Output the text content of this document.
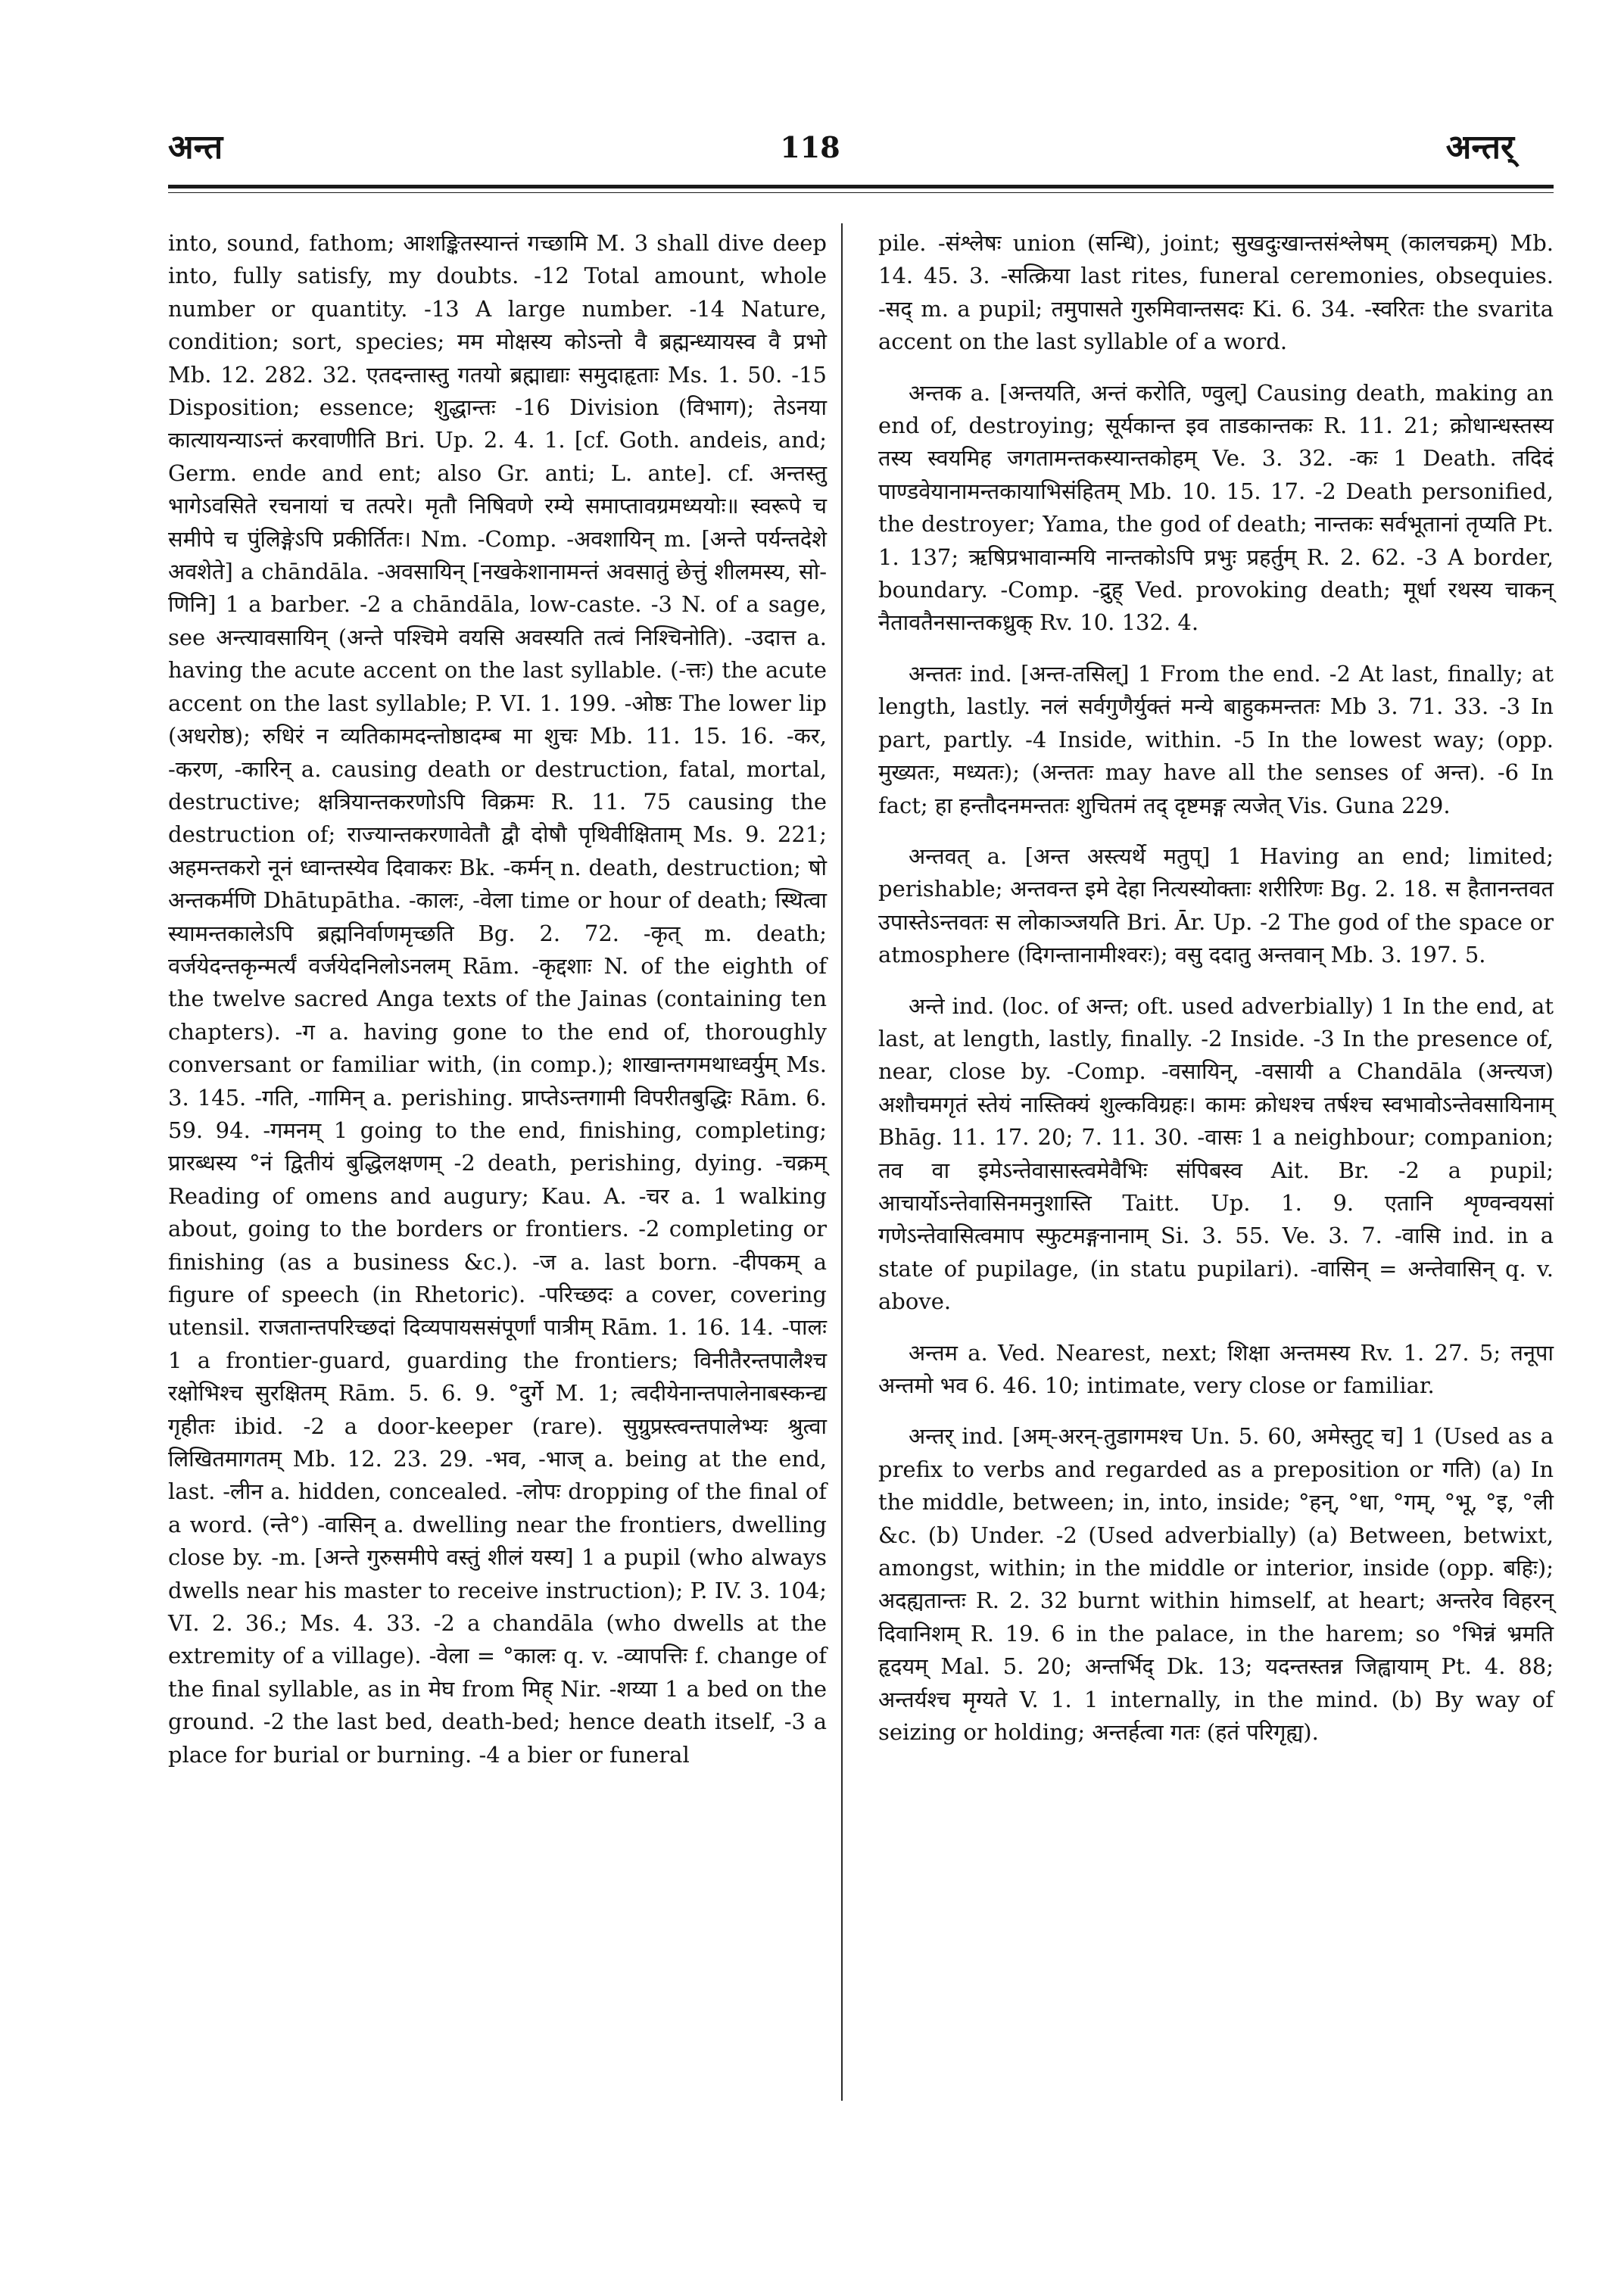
अन्त	118	अन्तर्

into, sound, fathom; आशङ्कितस्यान्तं गच्छामि M. 3 shall dive deep into, fully satisfy, my doubts. -12 Total amount, whole number or quantity. -13 A large number. -14 Nature, condition; sort, species; मम मोक्षस्य कोऽन्तो वै ब्रह्मन्ध्यायस्व वै प्रभो Mb. 12. 282. 32. एतदन्तास्तु गतयो ब्रह्माद्याः समुदाहृताः Ms. 1. 50. -15 Disposition; essence; शुद्धान्तः -16 Division (विभाग); तेऽनया कात्यायन्याऽन्तं करवाणीति Bri. Up. 2. 4. 1. [cf. Goth. andeis, and; Germ. ende and ent; also Gr. anti; L. ante]. cf. अन्तस्तु भागेऽवसिते रचनायां च तत्परे। मृतौ निषिवणे रम्ये समाप्तावग्रमध्ययोः॥ स्वरूपे च समीपे च पुंलिङ्गेऽपि प्रकीर्तितः। Nm. -Comp. -अवशायिन् m. [अन्ते पर्यन्तदेशे अवशेते] a chāndāla. -अवसायिन् [नखकेशानामन्तं अवसातुं छेत्तुं शीलमस्य, सो-णिनि] 1 a barber. -2 a chāndāla, low-caste. -3 N. of a sage, see अन्त्यावसायिन् (अन्ते पश्चिमे वयसि अवस्यति तत्वं निश्चिनोति). -उदात्त a. having the acute accent on the last syllable. (-त्तः) the acute accent on the last syllable; P. VI. 1. 199. -ओष्ठः The lower lip (अधरोष्ठ); रुधिरं न व्यतिकामदन्तोष्ठादम्ब मा शुचः Mb. 11. 15. 16. -कर, -करण, -कारिन् a. causing death or destruction, fatal, mortal, destructive; क्षत्रियान्तकरणोऽपि विक्रमः R. 11. 75 causing the destruction of; राज्यान्तकरणावेतौ द्वौ दोषौ पृथिवीक्षिताम् Ms. 9. 221; अहमन्तकरो नूनं ध्वान्तस्येव दिवाकरः Bk. -कर्मन् n. death, destruction; षो अन्तकर्मणि Dhātupātha. -कालः, -वेला time or hour of death; स्थित्वा स्यामन्तकालेऽपि ब्रह्मनिर्वाणमृच्छति Bg. 2. 72. -कृत् m. death; वर्जयेदन्तकृन्मर्त्यं वर्जयेदनिलोऽनलम् Rām. -कृद्दशाः N. of the eighth of the twelve sacred Anga texts of the Jainas (containing ten chapters). -ग a. having gone to the end of, thoroughly conversant or familiar with, (in comp.); शाखान्तगमथाध्वर्युम् Ms. 3. 145. -गति, -गामिन् a. perishing. प्राप्तेऽन्तगामी विपरीतबुद्धिः Rām. 6. 59. 94. -गमनम् 1 going to the end, finishing, completing; प्रारब्धस्य °नं द्वितीयं बुद्धिलक्षणम् -2 death, perishing, dying. -चक्रम् Reading of omens and augury; Kau. A. -चर a. 1 walking about, going to the borders or frontiers. -2 completing or finishing (as a business &c.). -ज a. last born. -दीपकम् a figure of speech (in Rhetoric). -परिच्छदः a cover, covering utensil. राजतान्तपरिच्छदां दिव्यपायससंपूर्णां पात्रीम् Rām. 1. 16. 14. -पालः 1 a frontier-guard, guarding the frontiers; विनीतैरन्तपालैश्च रक्षोभिश्च सुरक्षितम् Rām. 5. 6. 9. °दुर्गे M. 1; त्वदीयेनान्तपालेनाबस्कन्द्य गृहीतः ibid. -2 a door-keeper (rare). सुग्रुप्रस्त्वन्तपालेभ्यः श्रुत्वा लिखितमागतम् Mb. 12. 23. 29. -भव, -भाज् a. being at the end, last. -लीन a. hidden, concealed. -लोपः dropping of the final of a word. (न्ते°) -वासिन् a. dwelling near the frontiers, dwelling close by. -m. [अन्ते गुरुसमीपे वस्तुं शीलं यस्य] 1 a pupil (who always dwells near his master to receive instruction); P. IV. 3. 104; VI. 2. 36.; Ms. 4. 33. -2 a chandāla (who dwells at the extremity of a village). -वेला = °कालः q. v. -व्यापत्तिः f. change of the final syllable, as in मेघ from मिह् Nir. -शय्या 1 a bed on the ground. -2 the last bed, death-bed; hence death itself, -3 a place for burial or burning. -4 a bier or funeral

pile. -संश्लेषः union (सन्धि), joint; सुखदुःखान्तसंश्लेषम् (कालचक्रम्) Mb. 14. 45. 3. -सत्क्रिया last rites, funeral ceremonies, obsequies. -सद् m. a pupil; तमुपासते गुरुमिवान्तसदः Ki. 6. 34. -स्वरितः the svarita accent on the last syllable of a word.

अन्तक a. [अन्तयति, अन्तं करोति, ण्वुल्] Causing death, making an end of, destroying; सूर्यकान्त इव ताडकान्तकः R. 11. 21; क्रोधान्धस्तस्य तस्य स्वयमिह जगतामन्तकस्यान्तकोहम् Ve. 3. 32. -कः 1 Death. तदिदं पाण्डवेयानामन्तकायाभिसंहितम् Mb. 10. 15. 17. -2 Death personified, the destroyer; Yama, the god of death; नान्तकः सर्वभूतानां तृप्यति Pt. 1. 137; ऋषिप्रभावान्मयि नान्तकोऽपि प्रभुः प्रहर्तुम् R. 2. 62. -3 A border, boundary. -Comp. -द्रुह् Ved. provoking death; मूर्धा रथस्य चाकन् नैतावतैनसान्तकध्रुक् Rv. 10. 132. 4.

अन्ततः ind. [अन्त-तसिल्] 1 From the end. -2 At last, finally; at length, lastly. नलं सर्वगुणैर्युक्तं मन्ये बाहुकमन्ततः Mb 3. 71. 33. -3 In part, partly. -4 Inside, within. -5 In the lowest way; (opp. मुख्यतः, मध्यतः); (अन्ततः may have all the senses of अन्त). -6 In fact; हा हन्तौदनमन्ततः शुचितमं तद् दृष्टमङ्ग त्यजेत् Vis. Guna 229.

अन्तवत् a. [अन्त अस्त्यर्थे मतुप्] 1 Having an end; limited; perishable; अन्तवन्त इमे देहा नित्यस्योक्ताः शरीरिणः Bg. 2. 18. स हैतानन्तवत उपास्तेऽन्तवतः स लोकाञ्जयति Bri. Ār. Up. -2 The god of the space or atmosphere (दिगन्तानामीश्वरः); वसु ददातु अन्तवान् Mb. 3. 197. 5.

अन्ते ind. (loc. of अन्त; oft. used adverbially) 1 In the end, at last, at length, lastly, finally. -2 Inside. -3 In the presence of, near, close by. -Comp. -वसायिन्, -वसायी a Chandāla (अन्त्यज) अशौचमगृतं स्तेयं नास्तिक्यं शुल्कविग्रहः। कामः क्रोधश्च तर्षश्च स्वभावोऽन्तेवसायिनाम् Bhāg. 11. 17. 20; 7. 11. 30. -वासः 1 a neighbour; companion; तव वा इमेऽन्तेवासास्त्वमेवैभिः संपिबस्व Ait. Br. -2 a pupil; आचार्योऽन्तेवासिनमनुशास्ति Taitt. Up. 1. 9. एतानि शृण्वन्वयसां गणेऽन्तेवासित्वमाप स्फुटमङ्गनानाम् Si. 3. 55. Ve. 3. 7. -वासि ind. in a state of pupilage, (in statu pupilari). -वासिन् = अन्तेवासिन् q. v. above.

अन्तम a. Ved. Nearest, next; शिक्षा अन्तमस्य Rv. 1. 27. 5; तनूपा अन्तमो भव 6. 46. 10; intimate, very close or familiar.

अन्तर् ind. [अम्-अरन्-तुडागमश्च Un. 5. 60, अमेस्तुट् च] 1 (Used as a prefix to verbs and regarded as a preposition or गति) (a) In the middle, between; in, into, inside; °हन्, °धा, °गम्, °भू, °इ, °ली &c. (b) Under. -2 (Used adverbially) (a) Between, betwixt, amongst, within; in the middle or interior, inside (opp. बहिः); अदह्यतान्तः R. 2. 32 burnt within himself, at heart; अन्तरेव विहरन् दिवानिशम् R. 19. 6 in the palace, in the harem; so °भिन्नं भ्रमति हृदयम् Mal. 5. 20; अन्तर्भिद् Dk. 13; यदन्तस्तन्न जिह्वायाम् Pt. 4. 88; अन्तर्यश्च मृग्यते V. 1. 1 internally, in the mind. (b) By way of seizing or holding; अन्तर्हत्वा गतः (हतं परिगृह्य).
